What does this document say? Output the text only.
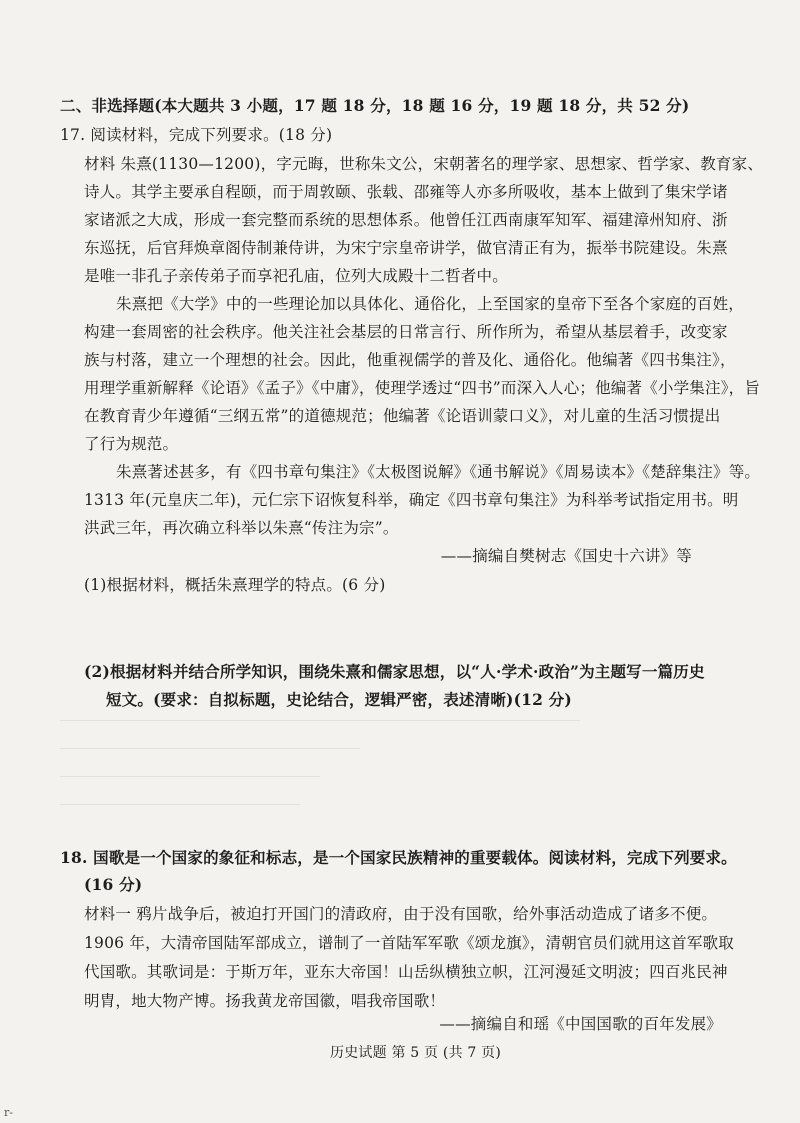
二、非选择题(本大题共 3 小题，17 题 18 分，18 题 16 分，19 题 18 分，共 52 分)
17. 阅读材料，完成下列要求。(18 分)
材料 朱熹(1130—1200)，字元晦，世称朱文公，宋朝著名的理学家、思想家、哲学家、教育家、
诗人。其学主要承自程颐，而于周敦颐、张载、邵雍等人亦多所吸收，基本上做到了集宋学诸
家诸派之大成，形成一套完整而系统的思想体系。他曾任江西南康军知军、福建漳州知府、浙
东巡抚，后官拜焕章阁侍制兼侍讲，为宋宁宗皇帝讲学，做官清正有为，振举书院建设。朱熹
是唯一非孔子亲传弟子而享祀孔庙，位列大成殿十二哲者中。
朱熹把《大学》中的一些理论加以具体化、通俗化，上至国家的皇帝下至各个家庭的百姓，
构建一套周密的社会秩序。他关注社会基层的日常言行、所作所为，希望从基层着手，改变家
族与村落，建立一个理想的社会。因此，他重视儒学的普及化、通俗化。他编著《四书集注》，
用理学重新解释《论语》《孟子》《中庸》，使理学透过“四书”而深入人心；他编著《小学集注》，旨
在教育青少年遵循“三纲五常”的道德规范；他编著《论语训蒙口义》，对儿童的生活习惯提出
了行为规范。
朱熹著述甚多，有《四书章句集注》《太极图说解》《通书解说》《周易读本》《楚辞集注》等。
1313 年(元皇庆二年)，元仁宗下诏恢复科举，确定《四书章句集注》为科举考试指定用书。明
洪武三年，再次确立科举以朱熹“传注为宗”。
——摘编自樊树志《国史十六讲》等
(1)根据材料，概括朱熹理学的特点。(6 分)
(2)根据材料并结合所学知识，围绕朱熹和儒家思想，以“人·学术·政治”为主题写一篇历史
短文。(要求：自拟标题，史论结合，逻辑严密，表述清晰)(12 分)
18. 国歌是一个国家的象征和标志，是一个国家民族精神的重要载体。阅读材料，完成下列要求。
(16 分)
材料一 鸦片战争后，被迫打开国门的清政府，由于没有国歌，给外事活动造成了诸多不便。
1906 年，大清帝国陆军部成立，谱制了一首陆军军歌《颂龙旗》，清朝官员们就用这首军歌取
代国歌。其歌词是：于斯万年，亚东大帝国！山岳纵横独立帜，江河漫延文明波；四百兆民神
明胄，地大物产博。扬我黄龙帝国徽，唱我帝国歌！
——摘编自和瑶《中国国歌的百年发展》
历史试题 第 5 页 (共 7 页)
r-
